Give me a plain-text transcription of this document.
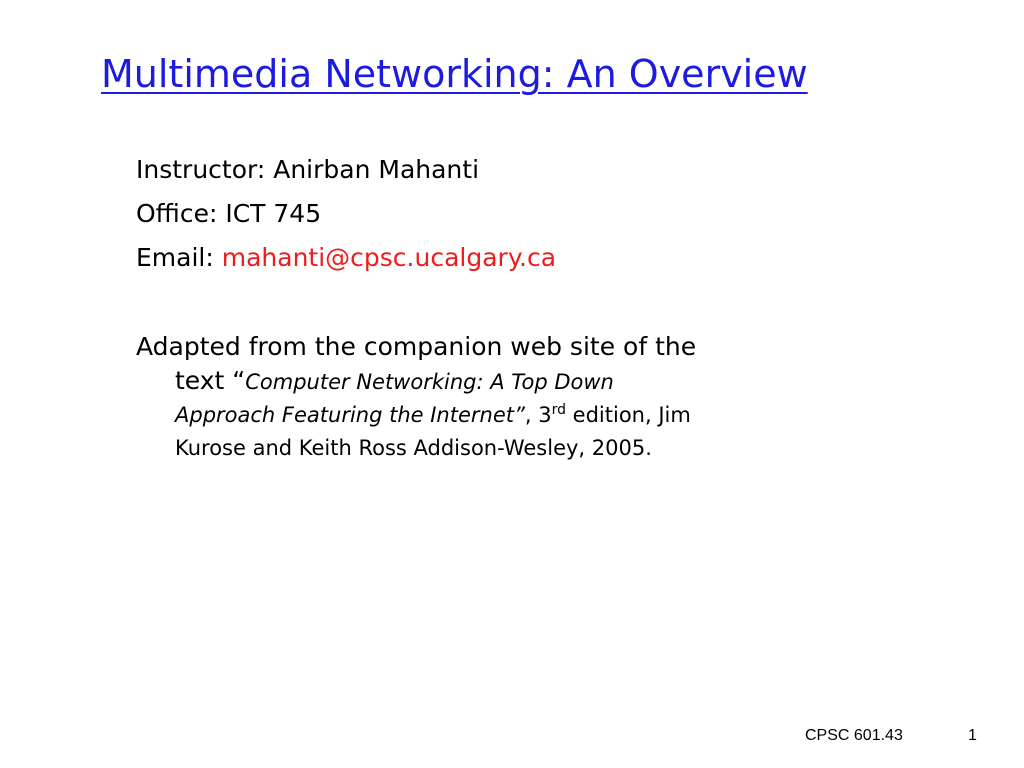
Multimedia Networking: An Overview
Instructor: Anirban Mahanti
Office: ICT 745
Email: mahanti@cpsc.ucalgary.ca
Adapted from the companion web site of the
text “Computer Networking: A Top Down
Approach Featuring the Internet”, 3rd edition, Jim
Kurose and Keith Ross Addison-Wesley, 2005.
CPSC 601.43	1
